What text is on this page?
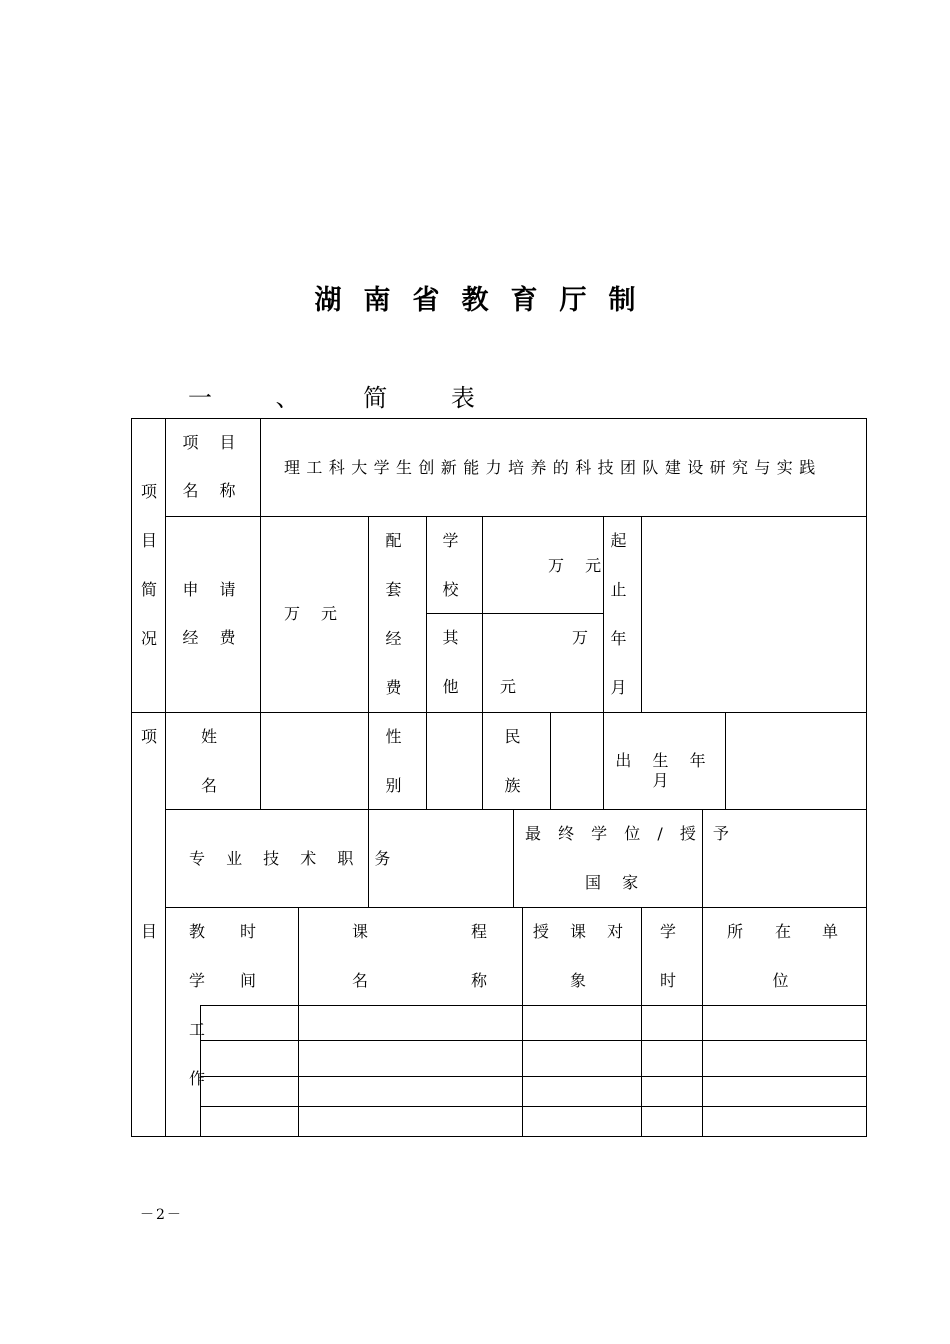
湖南省教育厅制
一 、 简 表
项
目
简
况
项
目
项 目
名 称
理工科大学生创新能力培养的科技团队建设研究与实践
申 请
经 费
万 元
配
套
经
费
学
校
万 元
其
他
万
元
起
止
年
月
姓
名
性
别
民
族
出 生 年 月
专 业 技 术 职 务
最 终 学 位 / 授 予
国 家
教
学
工
作
时
间
课
名
程
称
授 课 对
象
学
时
所 在 单
位
－2－
